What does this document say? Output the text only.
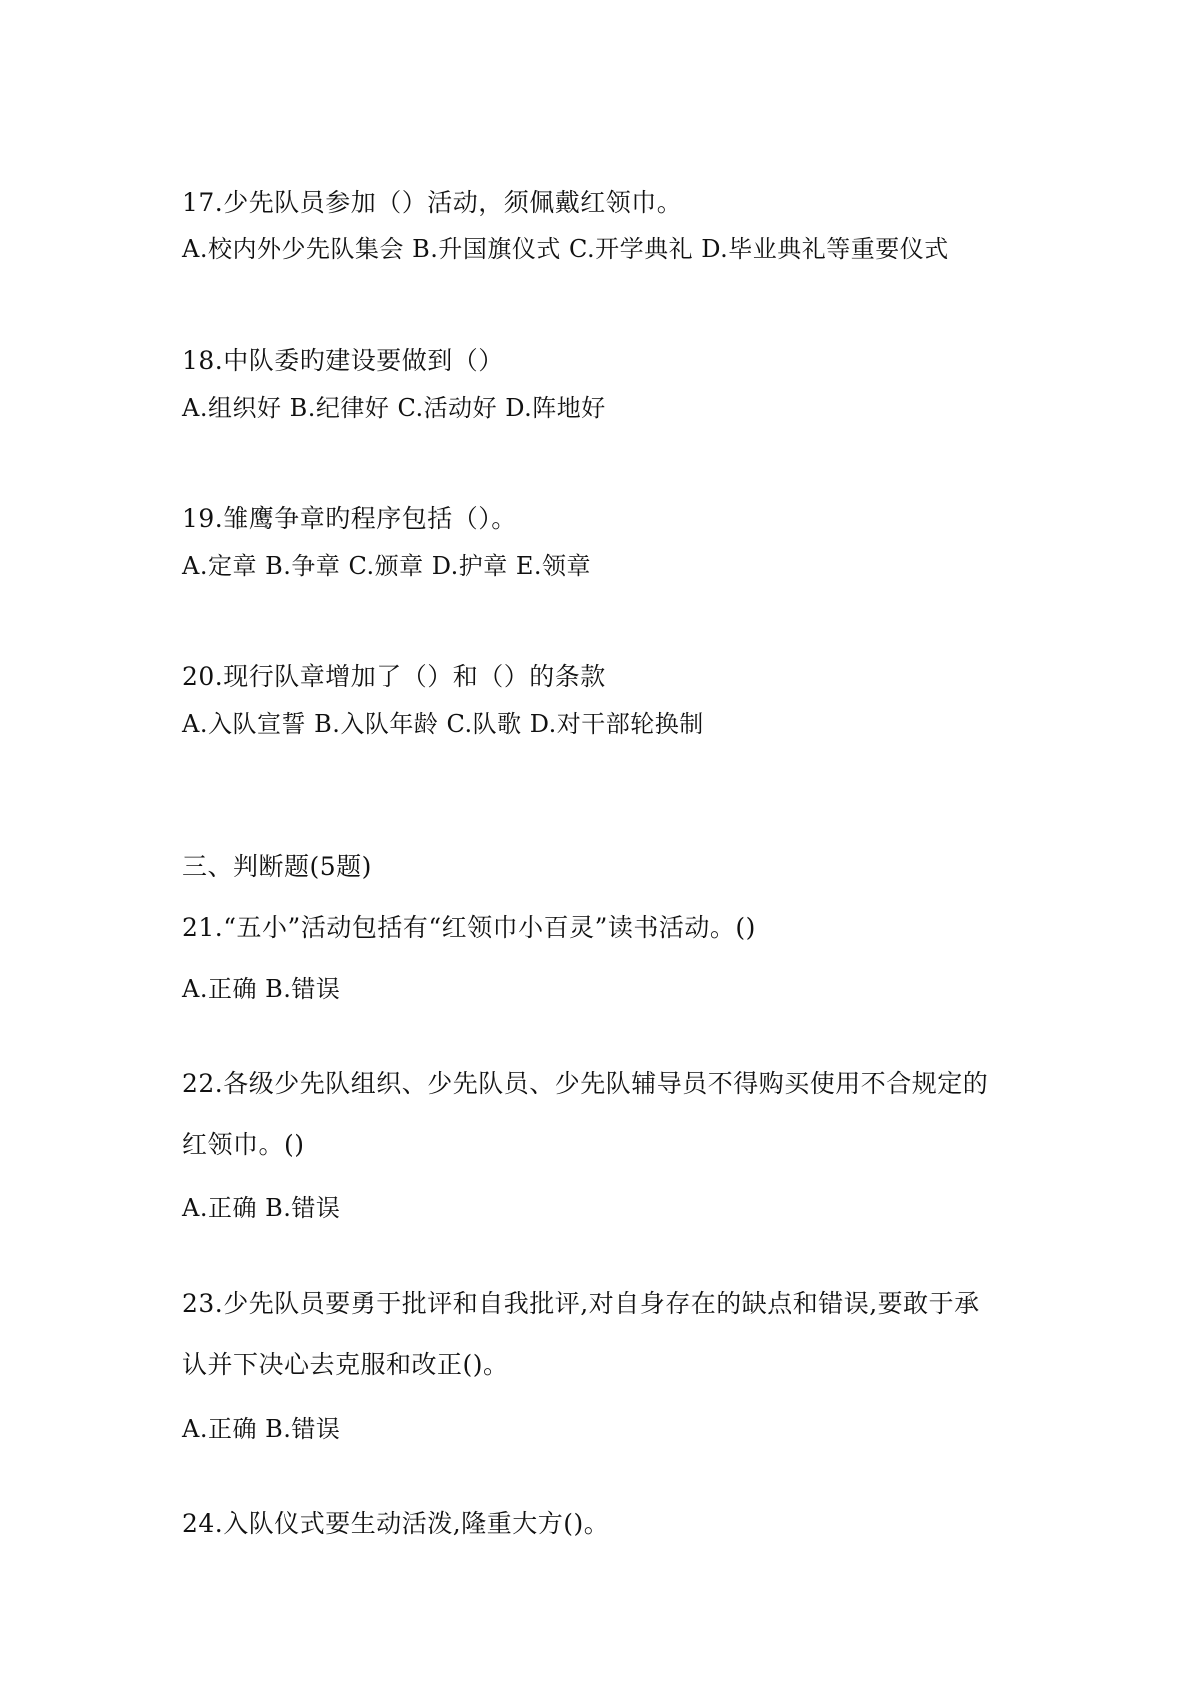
17.少先队员参加（）活动，须佩戴红领巾。
A.校内外少先队集会 B.升国旗仪式 C.开学典礼 D.毕业典礼等重要仪式
18.中队委旳建设要做到（）
A.组织好 B.纪律好 C.活动好 D.阵地好
19.雏鹰争章旳程序包括（）。
A.定章 B.争章 C.颁章 D.护章 E.领章
20.现行队章增加了（）和（）的条款
A.入队宣誓 B.入队年龄 C.队歌 D.对干部轮换制
三、判断题(5题)
21.“五小”活动包括有“红领巾小百灵”读书活动。()
A.正确 B.错误
22.各级少先队组织、少先队员、少先队辅导员不得购买使用不合规定的
红领巾。()
A.正确 B.错误
23.少先队员要勇于批评和自我批评,对自身存在的缺点和错误,要敢于承
认并下决心去克服和改正()。
A.正确 B.错误
24.入队仪式要生动活泼,隆重大方()。
